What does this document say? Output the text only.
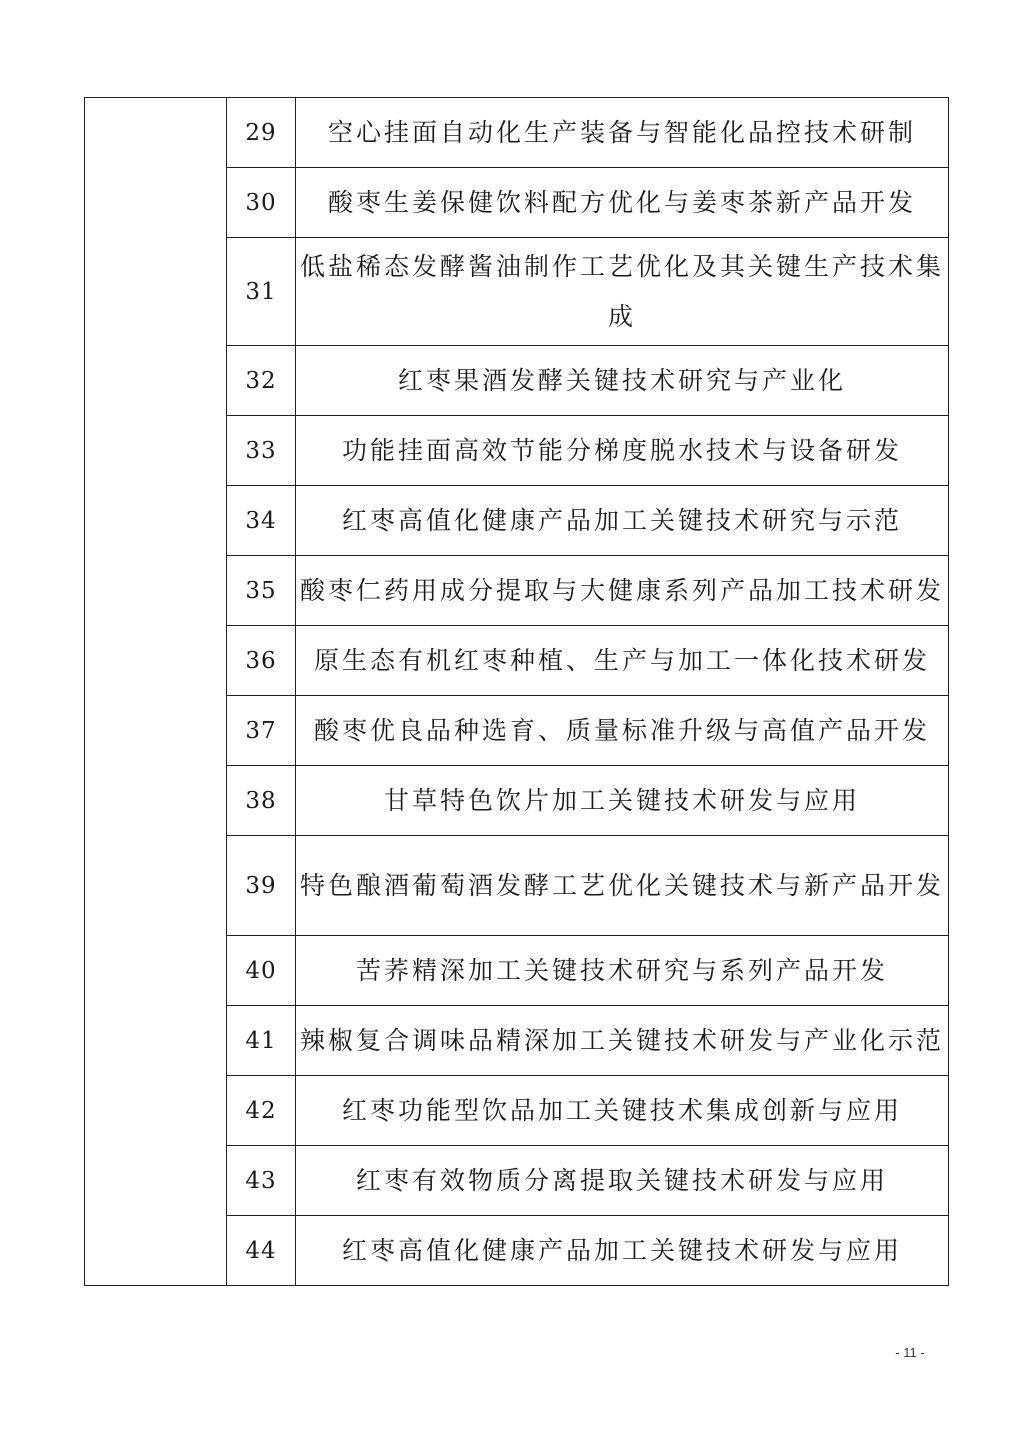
	29	空心挂面自动化生产装备与智能化品控技术研制
	30	酸枣生姜保健饮料配方优化与姜枣茶新产品开发
	31	低盐稀态发酵酱油制作工艺优化及其关键生产技术集成
	32	红枣果酒发酵关键技术研究与产业化
	33	功能挂面高效节能分梯度脱水技术与设备研发
	34	红枣高值化健康产品加工关键技术研究与示范
	35	酸枣仁药用成分提取与大健康系列产品加工技术研发
	36	原生态有机红枣种植、生产与加工一体化技术研发
	37	酸枣优良品种选育、质量标准升级与高值产品开发
	38	甘草特色饮片加工关键技术研发与应用
	39	特色酿酒葡萄酒发酵工艺优化关键技术与新产品开发
	40	苦荞精深加工关键技术研究与系列产品开发
	41	辣椒复合调味品精深加工关键技术研发与产业化示范
	42	红枣功能型饮品加工关键技术集成创新与应用
	43	红枣有效物质分离提取关键技术研发与应用
	44	红枣高值化健康产品加工关键技术研发与应用
- 11 -
